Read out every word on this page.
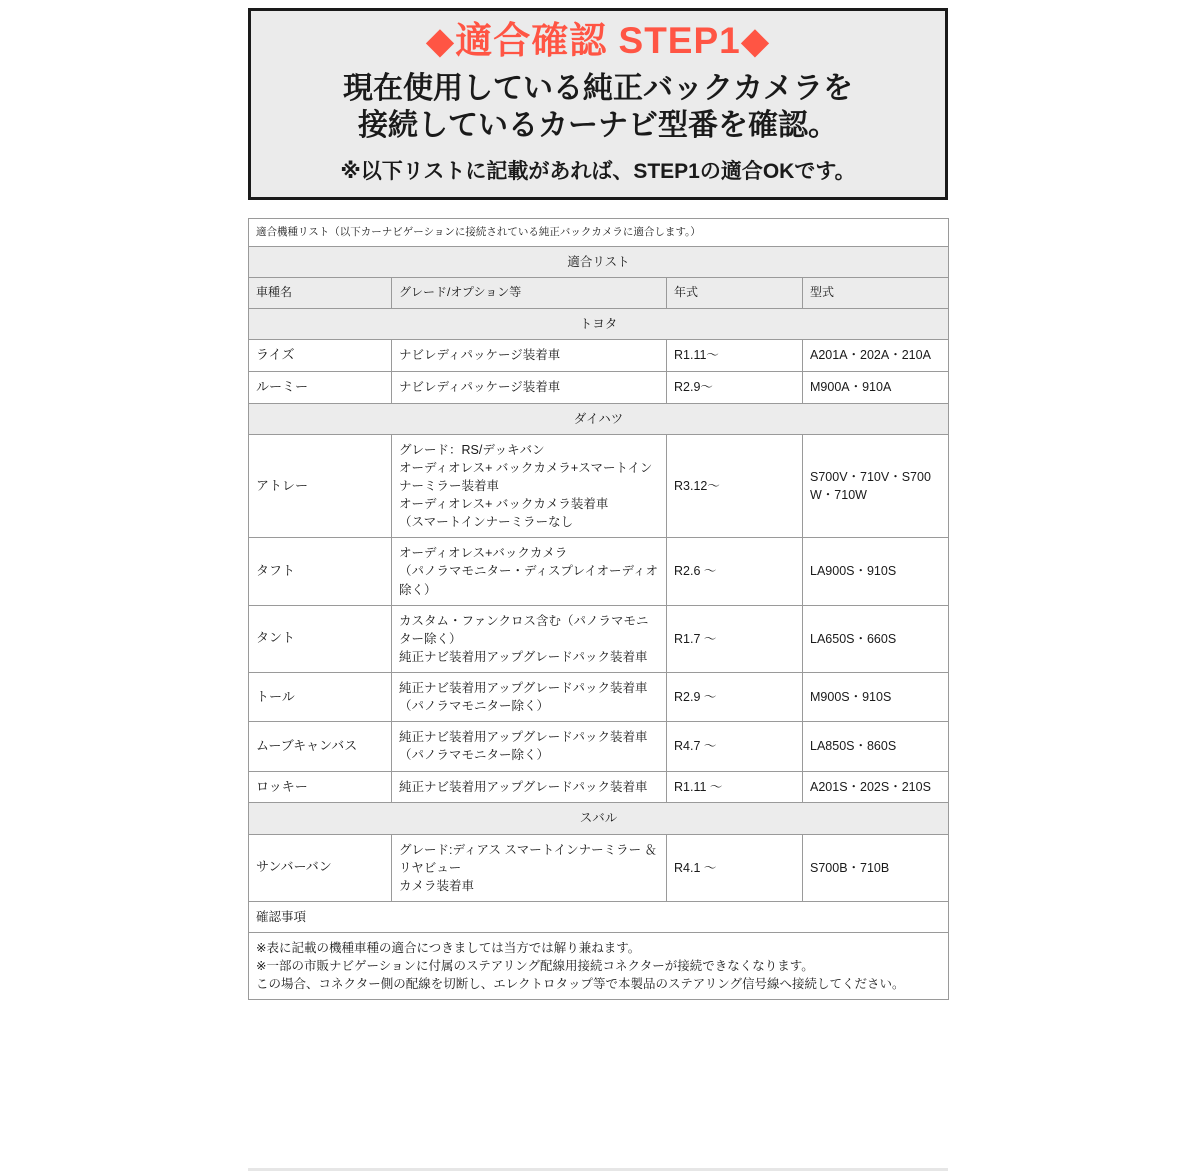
◆適合確認 STEP1◆
現在使用している純正バックカメラを
接続しているカーナビ型番を確認。
※以下リストに記載があれば、STEP1の適合OKです。
適合機種リスト（以下カーナビゲーションに接続されている純正バックカメラに適合します。）			
適合リスト			
車種名	グレード/オプション等	年式	型式
トヨタ			
ライズ	ナビレディパッケージ装着車	R1.11～	A201A・202A・210A
ルーミー	ナビレディパッケージ装着車	R2.9～	M900A・910A
ダイハツ			
アトレー	グレード：RS/デッキバン
オーディオレス+ バックカメラ+スマートインナーミラー装着車
オーディオレス+ バックカメラ装着車
（スマートインナーミラーなし	R3.12～	S700V・710V・S700W・710W
タフト	オーディオレス+バックカメラ
（パノラマモニター・ディスプレイオーディオ除く）	R2.6 ～	LA900S・910S
タント	カスタム・ファンクロス含む（パノラマモニター除く）
純正ナビ装着用アップグレードパック装着車	R1.7 ～	LA650S・660S
トール	純正ナビ装着用アップグレードパック装着車
（パノラマモニター除く）	R2.9 ～	M900S・910S
ムーブキャンバス	純正ナビ装着用アップグレードパック装着車
（パノラマモニター除く）	R4.7 ～	LA850S・860S
ロッキー	純正ナビ装着用アップグレードパック装着車	R1.11 ～	A201S・202S・210S
スバル			
サンバーバン	グレード:ディアス スマートインナーミラー ＆リヤビュー
カメラ装着車	R4.1 ～	S700B・710B
確認事項			

※表に記載の機種車種の適合につきましては当方では解り兼ねます。

※一部の市販ナビゲーションに付属のステアリング配線用接続コネクターが接続できなくなります。

この場合、コネクター側の配線を切断し、エレクトロタップ等で本製品のステアリング信号線へ接続してください。			
